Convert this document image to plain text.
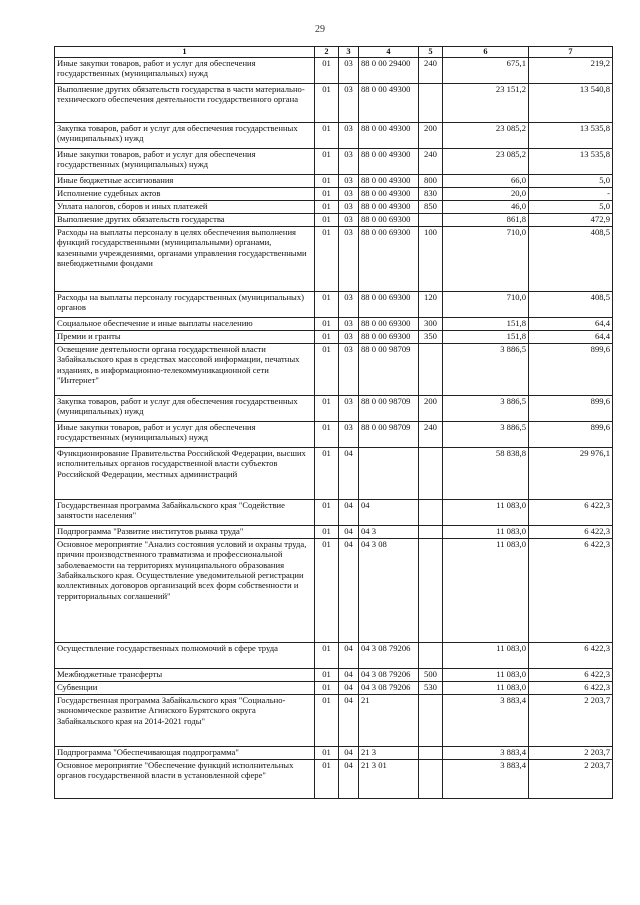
29
1	2	3	4	5	6	7
Иные закупки товаров, работ и услуг для обеспечения государственных (муниципальных) нужд	01	03	88 0 00 29400	240	675,1	219,2
Выполнение других обязательств государства в части материально-технического обеспечения деятельности государственного органа	01	03	88 0 00 49300		23 151,2	13 540,8
Закупка товаров, работ и услуг для обеспечения государственных (муниципальных) нужд	01	03	88 0 00 49300	200	23 085,2	13 535,8
Иные закупки товаров, работ и услуг для обеспечения государственных (муниципальных) нужд	01	03	88 0 00 49300	240	23 085,2	13 535,8
Иные бюджетные ассигнования	01	03	88 0 00 49300	800	66,0	5,0
Исполнение судебных актов	01	03	88 0 00 49300	830	20,0	-
Уплата налогов, сборов и иных платежей	01	03	88 0 00 49300	850	46,0	5,0
Выполнение других обязательств государства	01	03	88 0 00 69300		861,8	472,9
Расходы на выплаты персоналу в целях обеспечения выполнения функций государственными (муниципальными) органами, казенными учреждениями, органами управления государственными внебюджетными фондами	01	03	88 0 00 69300	100	710,0	408,5
Расходы на выплаты персоналу государственных (муниципальных) органов	01	03	88 0 00 69300	120	710,0	408,5
Социальное обеспечение и иные выплаты населению	01	03	88 0 00 69300	300	151,8	64,4
Премии и гранты	01	03	88 0 00 69300	350	151,8	64,4
Освещение деятельности органа государственной власти Забайкальского края в средствах массовой информации, печатных изданиях, в информационно-телекоммуникационной сети "Интернет"	01	03	88 0 00 98709		3 886,5	899,6
Закупка товаров, работ и услуг для обеспечения государственных (муниципальных) нужд	01	03	88 0 00 98709	200	3 886,5	899,6
Иные закупки товаров, работ и услуг для обеспечения государственных (муниципальных) нужд	01	03	88 0 00 98709	240	3 886,5	899,6
Функционирование Правительства Российской Федерации, высших исполнительных органов государственной власти субъектов Российской Федерации, местных администраций	01	04			58 838,8	29 976,1
Государственная программа Забайкальского края "Содействие занятости населения"	01	04	04		11 083,0	6 422,3
Подпрограмма "Развитие институтов рынка труда"	01	04	04 3		11 083,0	6 422,3
Основное мероприятие "Анализ состояния условий и охраны труда, причин производственного травматизма и профессиональной заболеваемости на территориях муниципального образования Забайкальского края. Осуществление уведомительной регистрации коллективных договоров организаций всех форм собственности и территориальных соглашений"	01	04	04 3 08		11 083,0	6 422,3
Осуществление государственных полномочий в сфере труда	01	04	04 3 08 79206		11 083,0	6 422,3
Межбюджетные трансферты	01	04	04 3 08 79206	500	11 083,0	6 422,3
Субвенции	01	04	04 3 08 79206	530	11 083,0	6 422,3
Государственная программа Забайкальского края "Социально-экономическое развитие Агинского Бурятского округа Забайкальского края на 2014-2021 годы"	01	04	21		3 883,4	2 203,7
Подпрограмма "Обеспечивающая подпрограмма"	01	04	21 3		3 883,4	2 203,7
Основное мероприятие "Обеспечение функций исполнительных органов государственной власти в установленной сфере"	01	04	21 3 01		3 883,4	2 203,7
